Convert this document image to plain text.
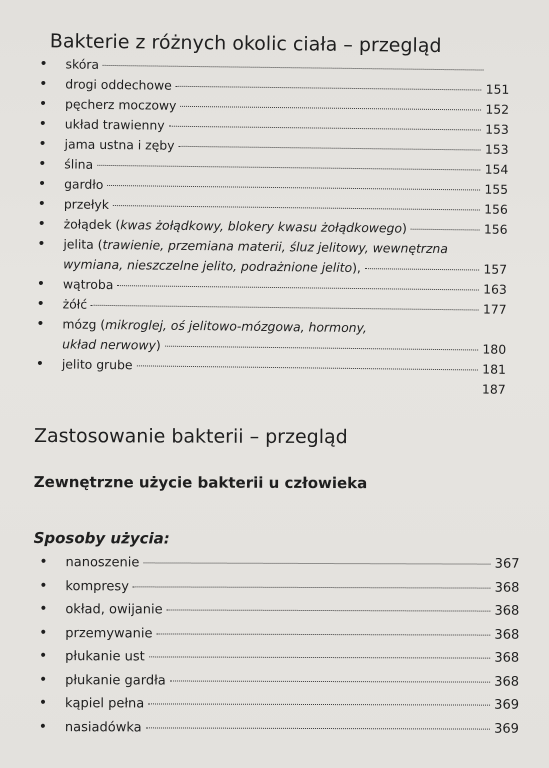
Bakterie z różnych okolic ciała – przegląd
•	skóra
•	drogi oddechowe	151
•	pęcherz moczowy	152
•	układ trawienny	153
•	jama ustna i zęby	153
•	ślina	154
•	gardło	155
•	przełyk	156
•	żołądek (kwas żołądkowy, blokery kwasu żołądkowego)	156
•	jelita (trawienie, przemiana materii, śluz jelitowy, wewnętrzna
wymiana, nieszczelne jelito, podrażnione jelito),	157
•	wątroba	163
•	żółć	177
•	mózg (mikroglej, oś jelitowo-mózgowa, hormony,
układ nerwowy)	180
•	jelito grube	181
187
Zastosowanie bakterii – przegląd
Zewnętrzne użycie bakterii u człowieka
Sposoby użycia:
•	nanoszenie	367
•	kompresy	368
•	okład, owijanie	368
•	przemywanie	368
•	płukanie ust	368
•	płukanie gardła	368
•	kąpiel pełna	369
•	nasiadówka	369
